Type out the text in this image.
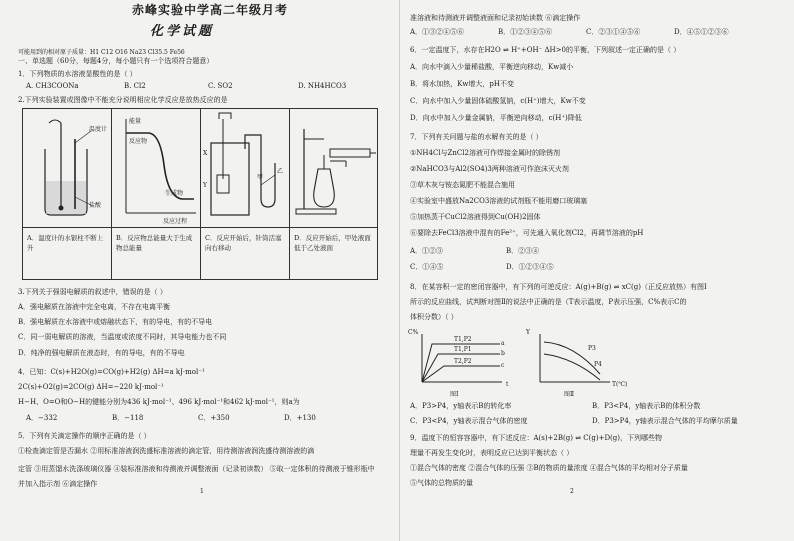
赤峰实验中学高二年级月考
化学试题
可能用到的相对原子质量：H1 C12 O16 Na23 Cl35.5 Fe56
一、单选题（60分，每题4分，每小题只有一个选项符合题意）
1．下列物质的水溶液显酸性的是（ ）
A. CH3COONa	B. Cl2	C. SO2	D. NH4HCO3
2.下列实验装置或图像中不能充分说明相应化学反应是放热反应的是
温度计
盐酸
能量
反应物
生成物
反应过程
X
Y
甲
乙
A．温度计的水银柱不断上升
B．反应物总能量大于生成物总能量
C．反应开始后，针筒活塞向右移动
D．反应开始后，甲处液面低于乙处液面
3.下列关于强弱电解质的叙述中，错误的是（ ）
A．强电解质在溶液中完全电离，不存在电离平衡
B．强电解质在水溶液中或熔融状态下，有的导电，有的不导电
C．同一弱电解质的溶液，当温度或浓度不同时，其导电能力也不同
D．纯净的强电解质在液态时，有的导电，有的不导电
4．已知：C(s)+H2O(g)=CO(g)+H2(g) ΔH=a kJ·mol⁻¹
2C(s)+O2(g)=2CO(g) ΔH=−220 kJ·mol⁻¹
H−H、O=O和O−H的键能分别为436 kJ·mol⁻¹、496 kJ·mol⁻¹和462 kJ·mol⁻¹，则a为
A．−332	B．−118	C．+350	D．+130
5．下列有关滴定操作的顺序正确的是（ ）
①检查滴定管是否漏水 ②用标准溶液润洗盛标准溶液的滴定管，用待测溶液润洗盛待测溶液的滴
定管 ③用蒸馏水洗涤玻璃仪器 ④装标准溶液和待测液并调整液面（记录初读数） ⑤取一定体积的待测液于锥形瓶中并加入指示剂 ⑥滴定操作
1
准溶液和待测液并调整液面和记录初始读数 ⑥滴定操作
A．①③②④⑤⑥	B．①②③④⑤⑥	C．②③①④⑤⑥	D．④⑤①②③⑥
6．一定温度下，水存在H2O ⇌ H⁺+OH⁻ ΔH>0的平衡，下列叙述一定正确的是（ ）
A．向水中滴入少量稀盐酸，平衡逆向移动，Kw减小
B．将水加热，Kw增大，pH不变
C．向水中加入少量固体硫酸氢钠，c(H⁺)增大，Kw不变
D．向水中加入少量金属钠，平衡逆向移动，c(H⁺)降低
7．下列有关问题与盐的水解有关的是（ ）
①NH4Cl与ZnCl2溶液可作焊接金属时的除锈剂
②NaHCO3与Al2(SO4)3两种溶液可作泡沫灭火剂
③草木灰与铵态氮肥不能混合施用
④实验室中盛放Na2CO3溶液的试剂瓶不能用磨口玻璃塞
⑤加热蒸干CuCl2溶液得到Cu(OH)2固体
⑥要除去FeCl3溶液中混有的Fe²⁺，可先通入氧化剂Cl2，再调节溶液的pH
A．①②③	B．②③④
C．①④⑤	D．①②③④⑤
8．在某容积一定的密闭容器中，有下列的可逆反应：A(g)+B(g) ⇌ xC(g)（正反应放热）有图Ⅰ
所示的反应曲线，试判断对图Ⅱ的说法中正确的是（T表示温度，P表示压强，C%表示C的
体积分数）（ ）
C%
t
T1,P2
T1,P1
T2,P2
a
b
c
图Ⅰ
Y
T(℃)
P3
P4
图Ⅱ
A．P3>P4，y轴表示B的转化率	B．P3<P4，y轴表示B的体积分数
C．P3<P4，y轴表示混合气体的密度	D．P3>P4，y轴表示混合气体的平均摩尔质量
9．温度下的恒容容器中，有下述反应：A(s)+2B(g) ⇌ C(g)+D(g)，下列哪些物
理量不再发生变化时，表明反应已达到平衡状态（ ）
①混合气体的密度 ②混合气体的压强 ③B的物质的量浓度 ④混合气体的平均相对分子质量
⑤气体的总物质的量
2
